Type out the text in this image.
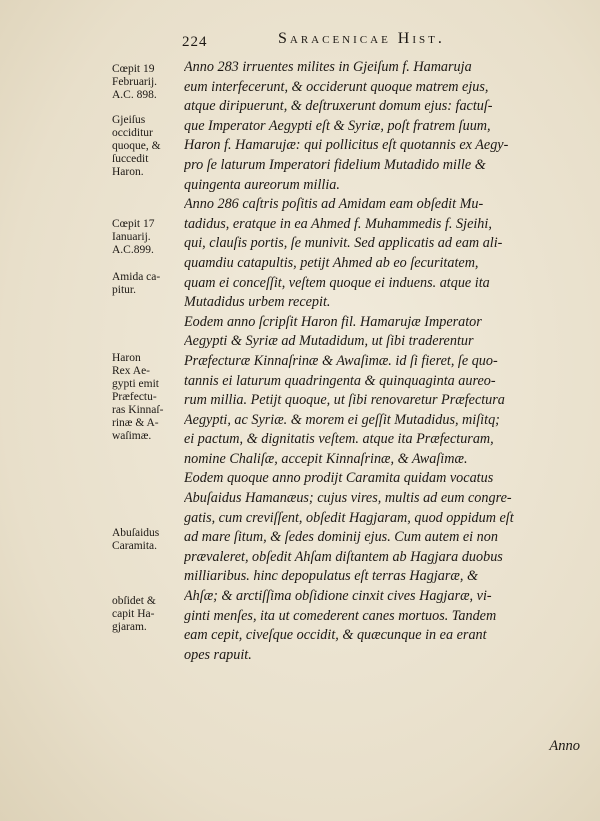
224	Saracenicae Hist.
Cœpit 19
Februarij.
A.C. 898.
Gjeiſus
occiditur
quoque, &
ſuccedit
Haron.
Cœpit 17
Ianuarij.
A.C.899.
Amida ca-
pitur.
Haron
Rex Ae-
gypti emit
Præfectu-
ras Kinnaſ-
rinæ & A-
waſimæ.
Abuſaidus
Caramita.
obſidet &
capit Ha-
gjaram.
Anno 283 irruentes milites in Gjeiſum f. Hamaruja
eum interfecerunt, & occiderunt quoque matrem ejus,
atque diripuerunt, & deſtruxerunt domum ejus: factuſ-
que Imperator Aegypti eſt & Syriæ, poſt fratrem ſuum,
Haron f. Hamarujæ: qui pollicitus eſt quotannis ex Aegy-
pro ſe laturum Imperatori fidelium Mutadido mille &
quingenta aureorum millia.
Anno 286 caſtris poſitis ad Amidam eam obſedit Mu-
tadidus, eratque in ea Ahmed f. Muhammedis f. Sjeihi,
qui, clauſis portis, ſe munivit. Sed applicatis ad eam ali-
quamdiu catapultis, petijt Ahmed ab eo ſecuritatem,
quam ei conceſſit, veſtem quoque ei induens. atque ita
Mutadidus urbem recepit.
Eodem anno ſcripſit Haron fil. Hamarujæ Imperator
Aegypti & Syriæ ad Mutadidum, ut ſibi traderentur
Præfecturæ Kinnaſrinæ & Awaſimæ. id ſi fieret, ſe quo-
tannis ei laturum quadringenta & quinquaginta aureo-
rum millia. Petijt quoque, ut ſibi renovaretur Præfectura
Aegypti, ac Syriæ. & morem ei geſſit Mutadidus, miſitq;
ei pactum, & dignitatis veſtem. atque ita Præfecturam,
nomine Chaliſæ, accepit Kinnaſrinæ, & Awaſimæ.
Eodem quoque anno prodijt Caramita quidam vocatus
Abuſaidus Hamanæus; cujus vires, multis ad eum congre-
gatis, cum creviſſent, obſedit Hagjaram, quod oppidum eſt
ad mare ſitum, & ſedes dominij ejus. Cum autem ei non
prævaleret, obſedit Ahſam diſtantem ab Hagjara duobus
milliaribus. hinc depopulatus eſt terras Hagjaræ, &
Ahſæ; & arctiſſima obſidione cinxit cives Hagjaræ, vi-
ginti menſes, ita ut comederent canes mortuos. Tandem
eam cepit, civeſque occidit, & quæcunque in ea erant
opes rapuit.
Anno
